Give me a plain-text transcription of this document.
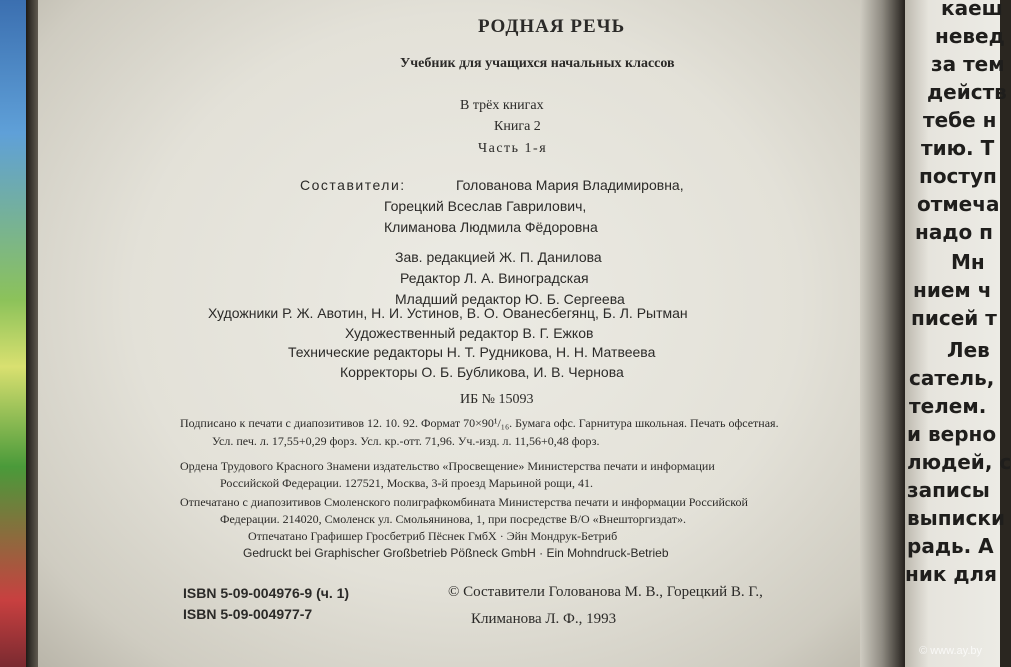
РОДНАЯ РЕЧЬ
Учебник для учащихся начальных классов
В трёх книгах
Книга 2
Часть 1-я
Составители:	Голованова Мария Владимировна,
Горецкий Всеслав Гаврилович,
Климанова Людмила Фёдоровна
Зав. редакцией Ж. П. Данилова
Редактор Л. А. Виноградская
Младший редактор Ю. Б. Сергеева
Художники Р. Ж. Авотин, Н. И. Устинов, В. О. Ованесбегянц, Б. Л. Рытман
Художественный редактор В. Г. Ежков
Технические редакторы Н. Т. Рудникова, Н. Н. Матвеева
Корректоры О. Б. Бубликова, И. В. Чернова
ИБ № 15093
Подписано к печати с диапозитивов 12. 10. 92. Формат 70×90¹/₁₆. Бумага офс. Гарнитура школьная. Печать офсетная.
Усл. печ. л. 17,55+0,29 форз. Усл. кр.-отт. 71,96. Уч.-изд. л. 11,56+0,48 форз.
Ордена Трудового Красного Знамени издательство «Просвещение» Министерства печати и информации
Российской Федерации. 127521, Москва, 3-й проезд Марьиной рощи, 41.
Отпечатано с диапозитивов Смоленского полиграфкомбината Министерства печати и информации Российской
Федерации. 214020, Смоленск ул. Смольянинова, 1, при посредстве В/О «Внешторгиздат».
Отпечатано Графишер Гросбетриб Пёснек ГмбХ · Эйн Мондрук-Бетриб
Gedruckt bei Graphischer Großbetrieb Pößneck GmbH · Ein Mohndruck-Betrieb
ISBN 5-09-004976-9 (ч. 1)
ISBN 5-09-004977-7
© Составители Голованова М. В., Горецкий В. Г.,
Климанова Л. Ф., 1993
каеш
невед
за тем
действ
тебе н
тию. Т
поступ
отмеча
надо п
Мн
нием ч
писей т
Лев
сатель,
телем.
и верно
людей, с
записы
выписки
радь. А
ник для
© www.ay.by
